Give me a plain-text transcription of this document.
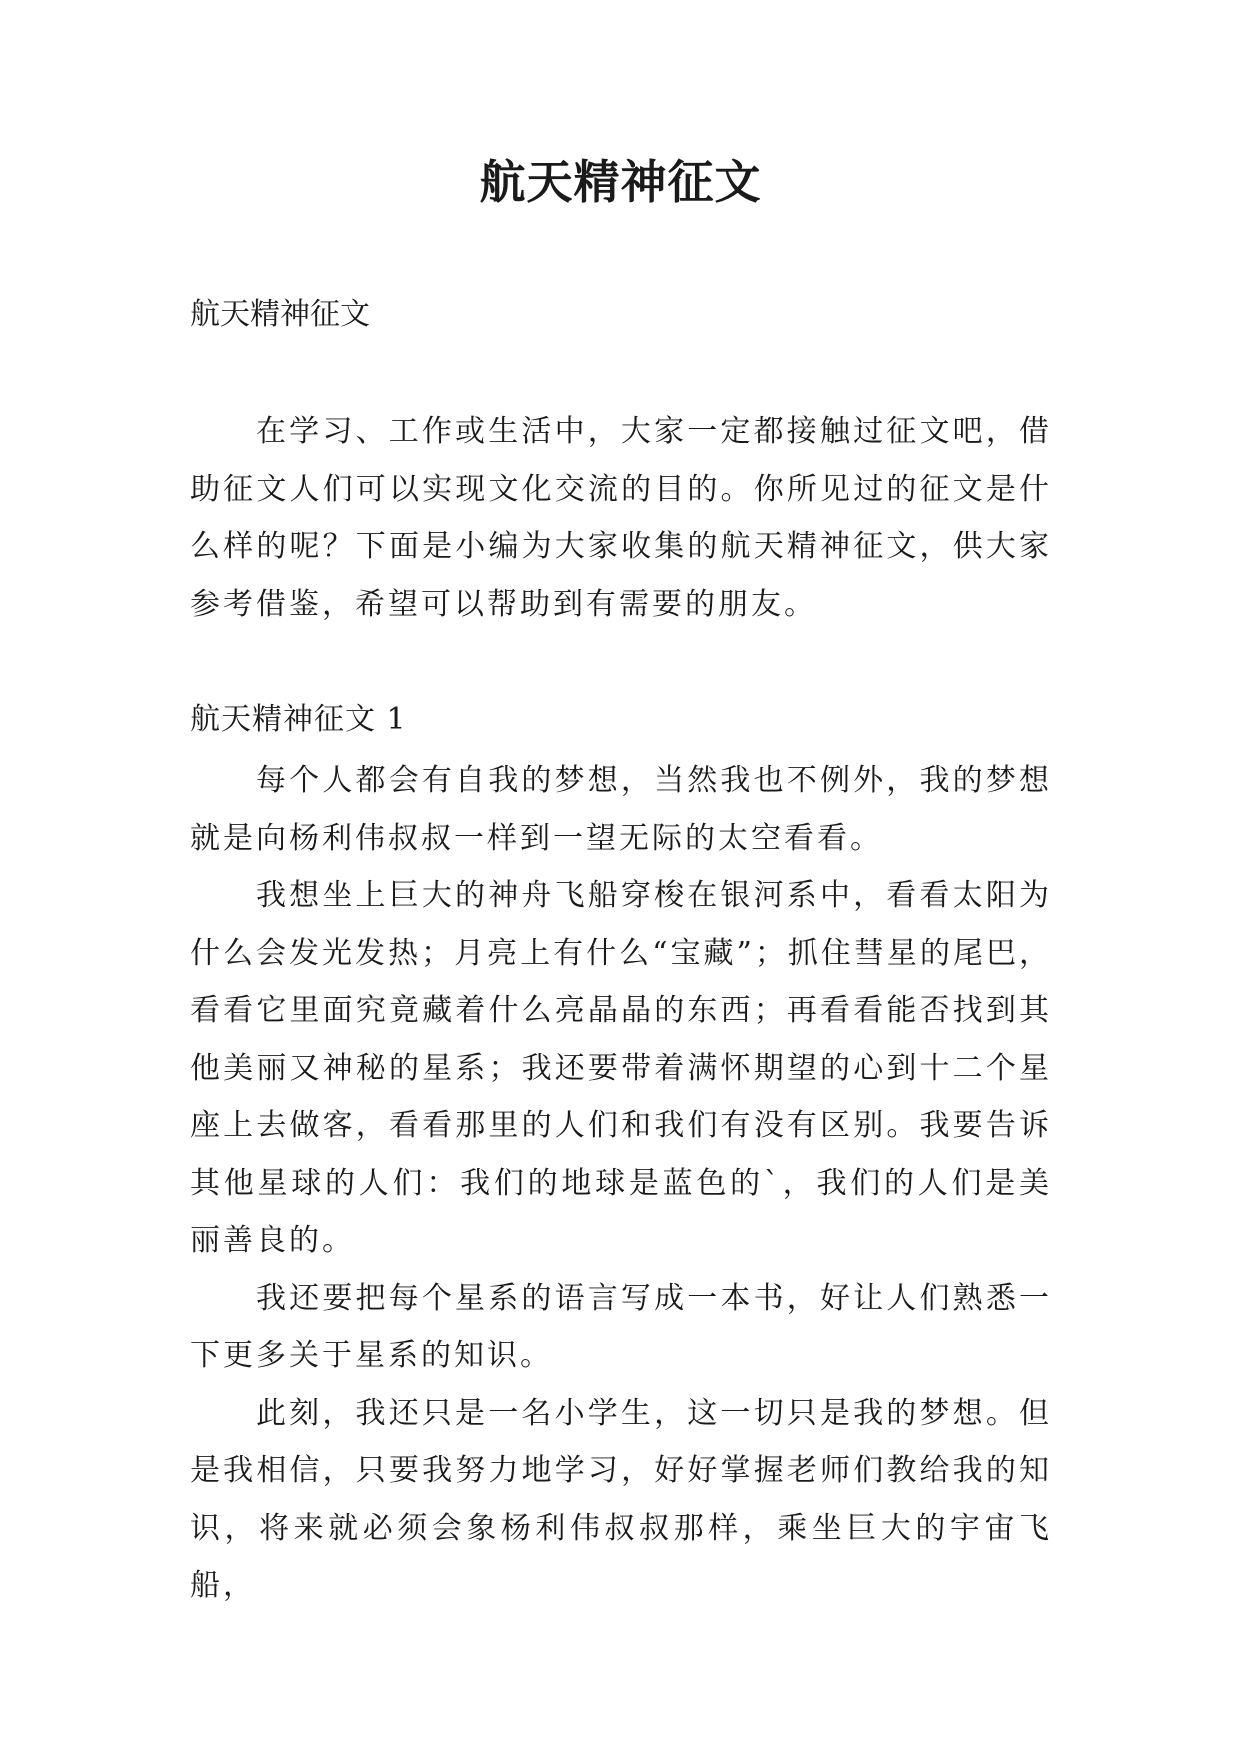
航天精神征文
航天精神征文

在学习、工作或生活中，大家一定都接触过征文吧，借助征文人们可以实现文化交流的目的。你所见过的征文是什么样的呢？下面是小编为大家收集的航天精神征文，供大家参考借鉴，希望可以帮助到有需要的朋友。

航天精神征文 1

每个人都会有自我的梦想，当然我也不例外，我的梦想就是向杨利伟叔叔一样到一望无际的太空看看。

我想坐上巨大的神舟飞船穿梭在银河系中，看看太阳为什么会发光发热；月亮上有什么“宝藏”；抓住彗星的尾巴，看看它里面究竟藏着什么亮晶晶的东西；再看看能否找到其他美丽又神秘的星系；我还要带着满怀期望的心到十二个星座上去做客，看看那里的人们和我们有没有区别。我要告诉其他星球的人们：我们的地球是蓝色的`，我们的人们是美丽善良的。

我还要把每个星系的语言写成一本书，好让人们熟悉一下更多关于星系的知识。

此刻，我还只是一名小学生，这一切只是我的梦想。但是我相信，只要我努力地学习，好好掌握老师们教给我的知识，将来就必须会象杨利伟叔叔那样，乘坐巨大的宇宙飞船，
